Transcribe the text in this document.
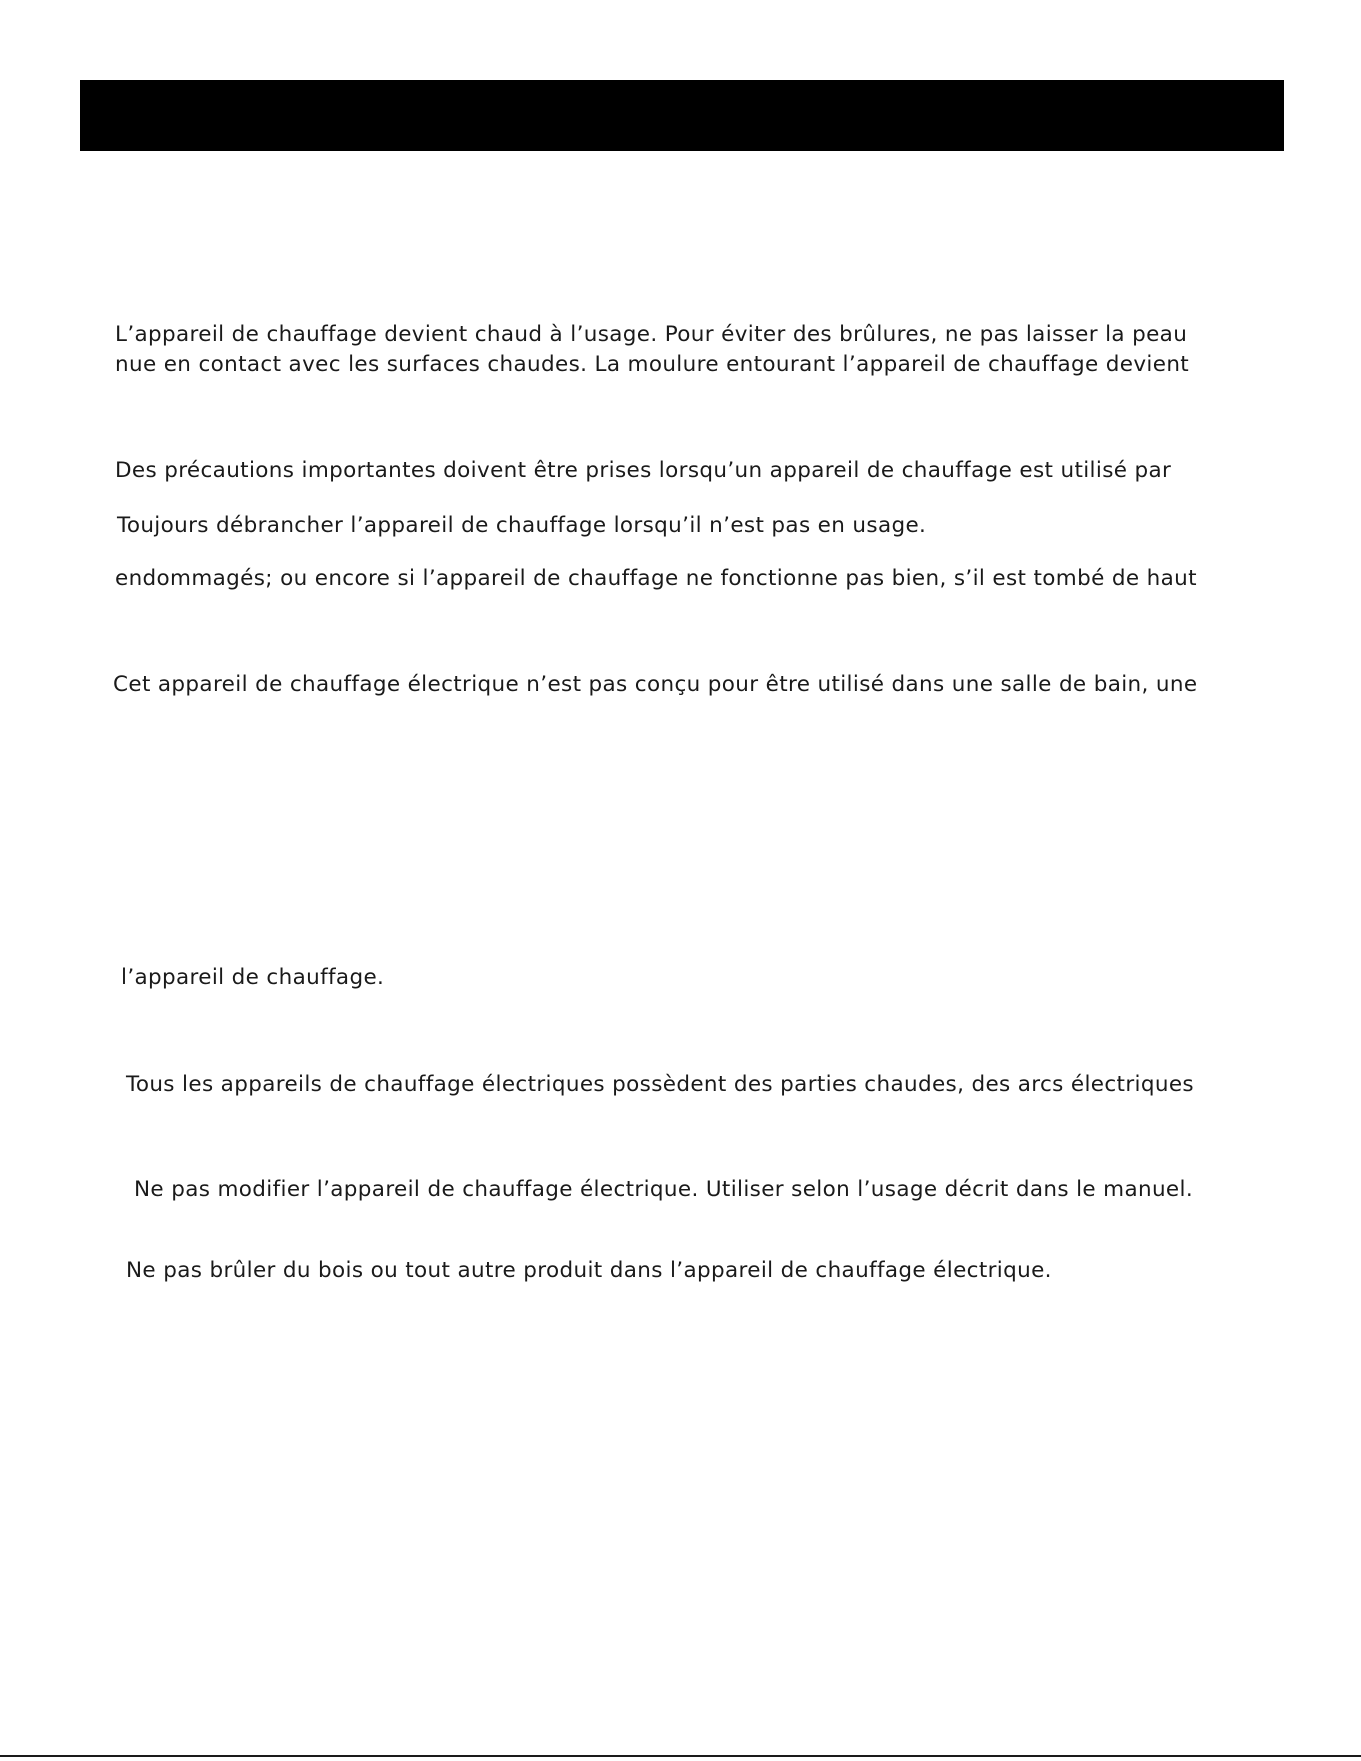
L’appareil de chauffage devient chaud à l’usage. Pour éviter des brûlures, ne pas laisser la peau
nue en contact avec les surfaces chaudes. La moulure entourant l’appareil de chauffage devient
Des précautions importantes doivent être prises lorsqu’un appareil de chauffage est utilisé par
Toujours débrancher l’appareil de chauffage lorsqu’il n’est pas en usage.
endommagés; ou encore si l’appareil de chauffage ne fonctionne pas bien, s’il est tombé de haut
Cet appareil de chauffage électrique n’est pas conçu pour être utilisé dans une salle de bain, une
l’appareil de chauffage.
Tous les appareils de chauffage électriques possèdent des parties chaudes, des arcs électriques
Ne pas modifier l’appareil de chauffage électrique. Utiliser selon l’usage décrit dans le manuel.
Ne pas brûler du bois ou tout autre produit dans l’appareil de chauffage électrique.
